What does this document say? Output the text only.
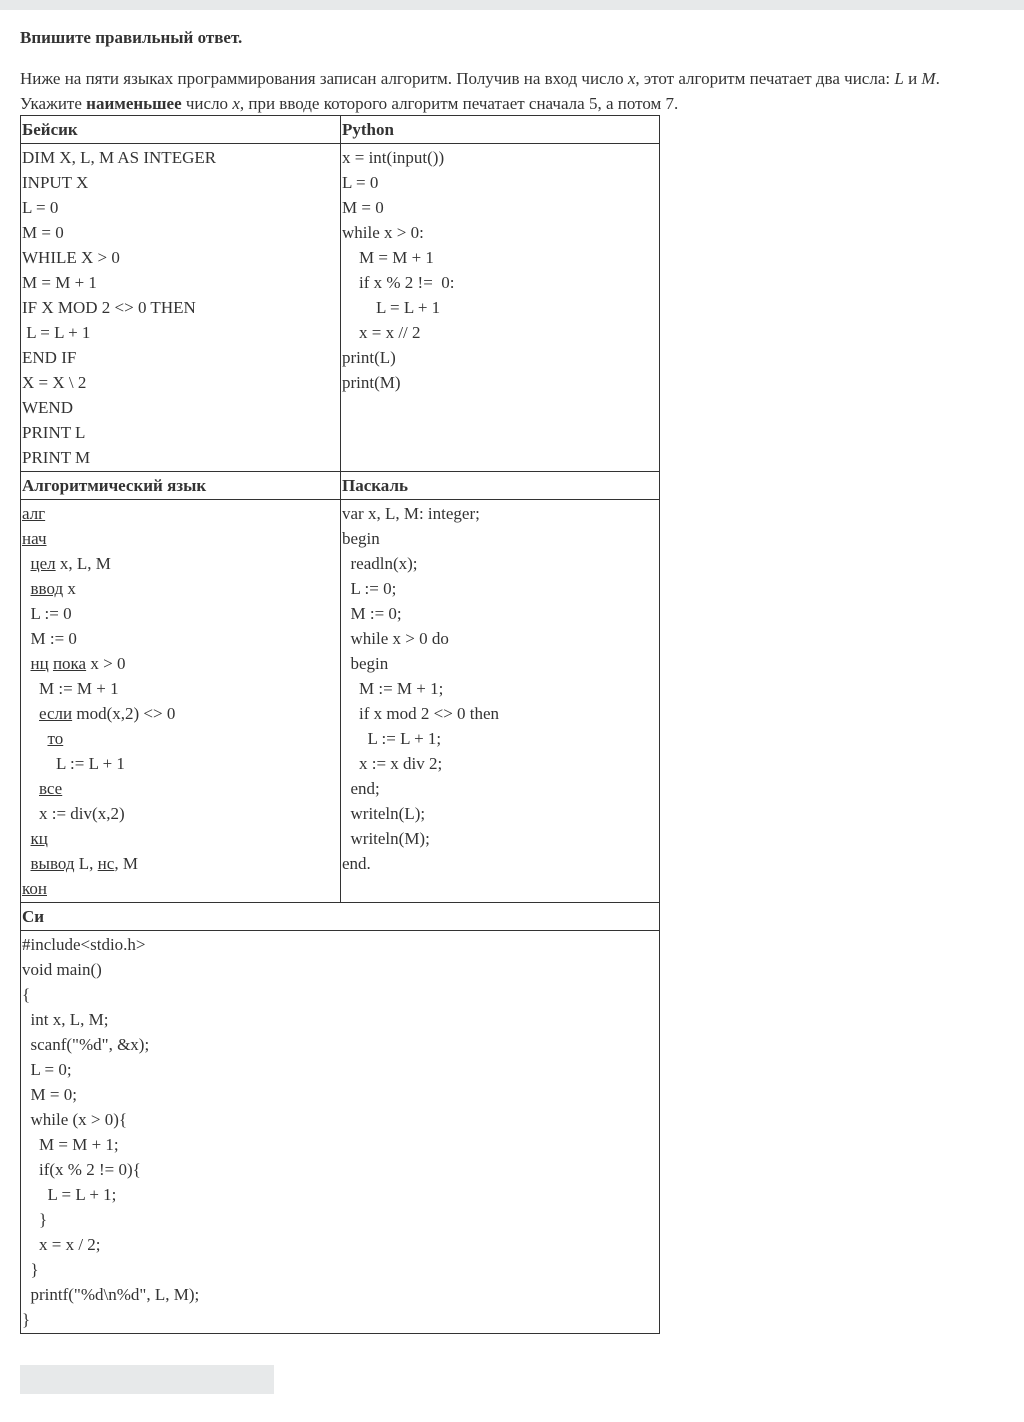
Впишите правильный ответ.
Ниже на пяти языках программирования записан алгоритм. Получив на вход число x, этот алгоритм печатает два числа: L и M.
Укажите наименьшее число x, при вводе которого алгоритм печатает сначала 5, а потом 7.
Бейсик	Python
DIM X, L, M AS INTEGER
INPUT X
L = 0
M = 0
WHILE X > 0
M = M + 1
IF X MOD 2 <> 0 THEN
L = L + 1
END IF
X = X \ 2
WEND
PRINT L
PRINT M
x = int(input())
L = 0
M = 0
while x > 0:
M = M + 1
if x % 2 !=  0:
L = L + 1
x = x // 2
print(L)
print(M)
Алгоритмический язык	Паскаль
алг
нач
цел x, L, M
ввод x
L := 0
M := 0
нц пока x > 0
M := M + 1
если mod(x,2) <> 0
то
L := L + 1
все
x := div(x,2)
кц
вывод L, нс, M
кон
var x, L, M: integer;
begin
readln(x);
L := 0;
M := 0;
while x > 0 do
begin
M := M + 1;
if x mod 2 <> 0 then
L := L + 1;
x := x div 2;
end;
writeln(L);
writeln(M);
end.
Си
#include<stdio.h>
void main()
{
int x, L, M;
scanf("%d", &x);
L = 0;
M = 0;
while (x > 0){
M = M + 1;
if(x % 2 != 0){
L = L + 1;
}
x = x / 2;
}
printf("%d\n%d", L, M);
}
